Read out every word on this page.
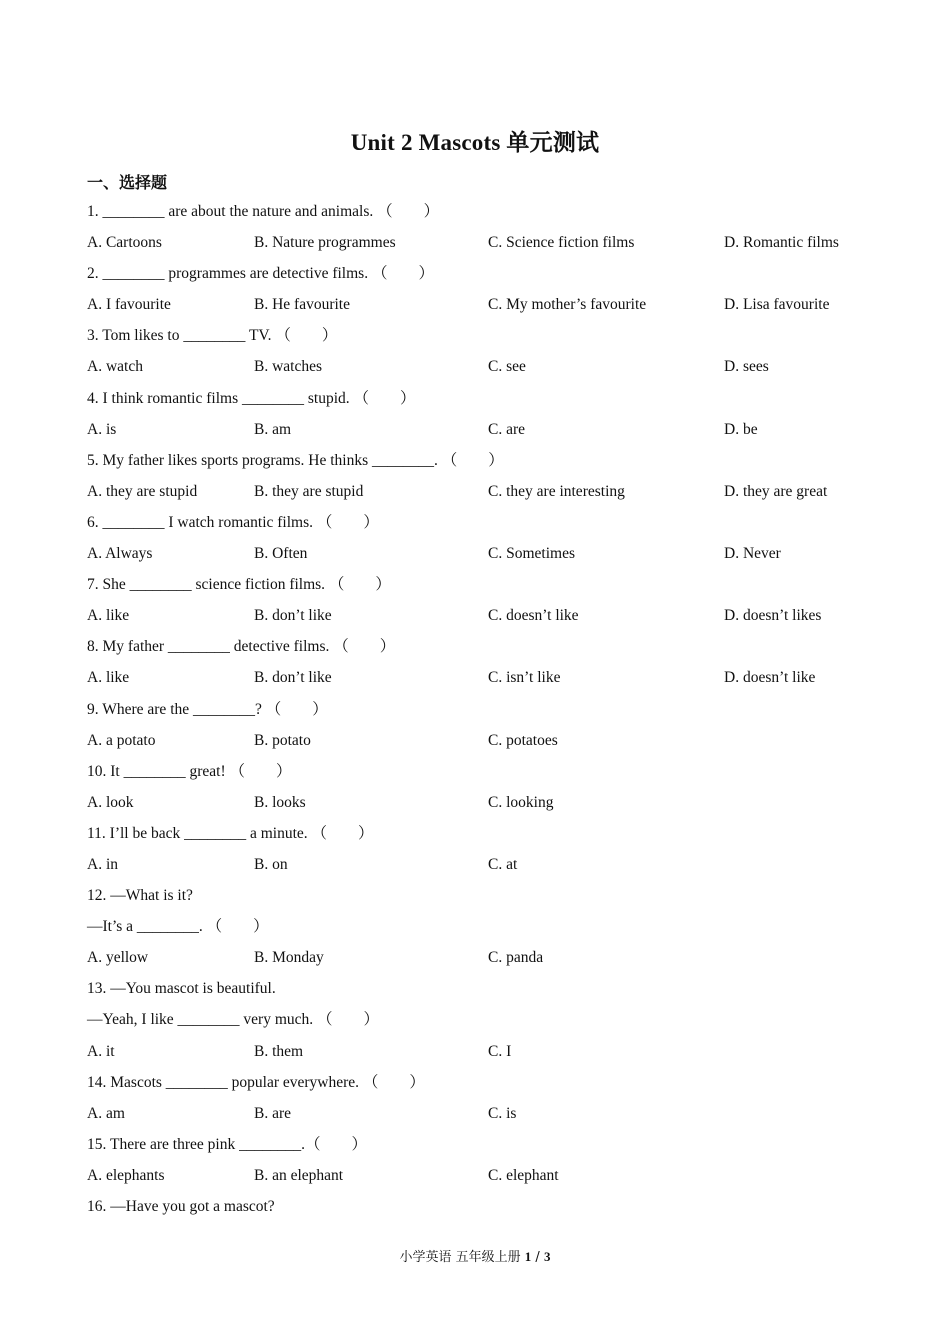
Unit 2 Mascots 单元测试
一、选择题
1. ________ are about the nature and animals. （　　）
A. Cartoons	B. Nature programmes	C. Science fiction films	D. Romantic films
2. ________ programmes are detective films. （　　）
A. I favourite	B. He favourite	C. My mother’s favourite	D. Lisa favourite
3. Tom likes to ________ TV. （　　）
A. watch	B. watches	C. see	D. sees
4. I think romantic films ________ stupid. （　　）
A. is	B. am	C. are	D. be
5. My father likes sports programs. He thinks ________. （　　）
A. they are stupid	B. they are stupid	C. they are interesting	D. they are great
6. ________ I watch romantic films. （　　）
A. Always	B. Often	C. Sometimes	D. Never
7. She ________ science fiction films. （　　）
A. like	B. don’t like	C. doesn’t like	D. doesn’t likes
8. My father ________ detective films. （　　）
A. like	B. don’t like	C. isn’t like	D. doesn’t like
9. Where are the ________? （　　）
A. a potato	B. potato	C. potatoes
10. It ________ great! （　　）
A. look	B. looks	C. looking
11. I’ll be back ________ a minute. （　　）
A. in	B. on	C. at
12. —What is it?
—It’s a ________. （　　）
A. yellow	B. Monday	C. panda
13. —You mascot is beautiful.
—Yeah, I like ________ very much. （　　）
A. it	B. them	C. I
14. Mascots ________ popular everywhere. （　　）
A. am	B. are	C. is
15. There are three pink ________.（　　）
A. elephants	B. an elephant	C. elephant
16. —Have you got a mascot?
小学英语 五年级上册 1 / 3
